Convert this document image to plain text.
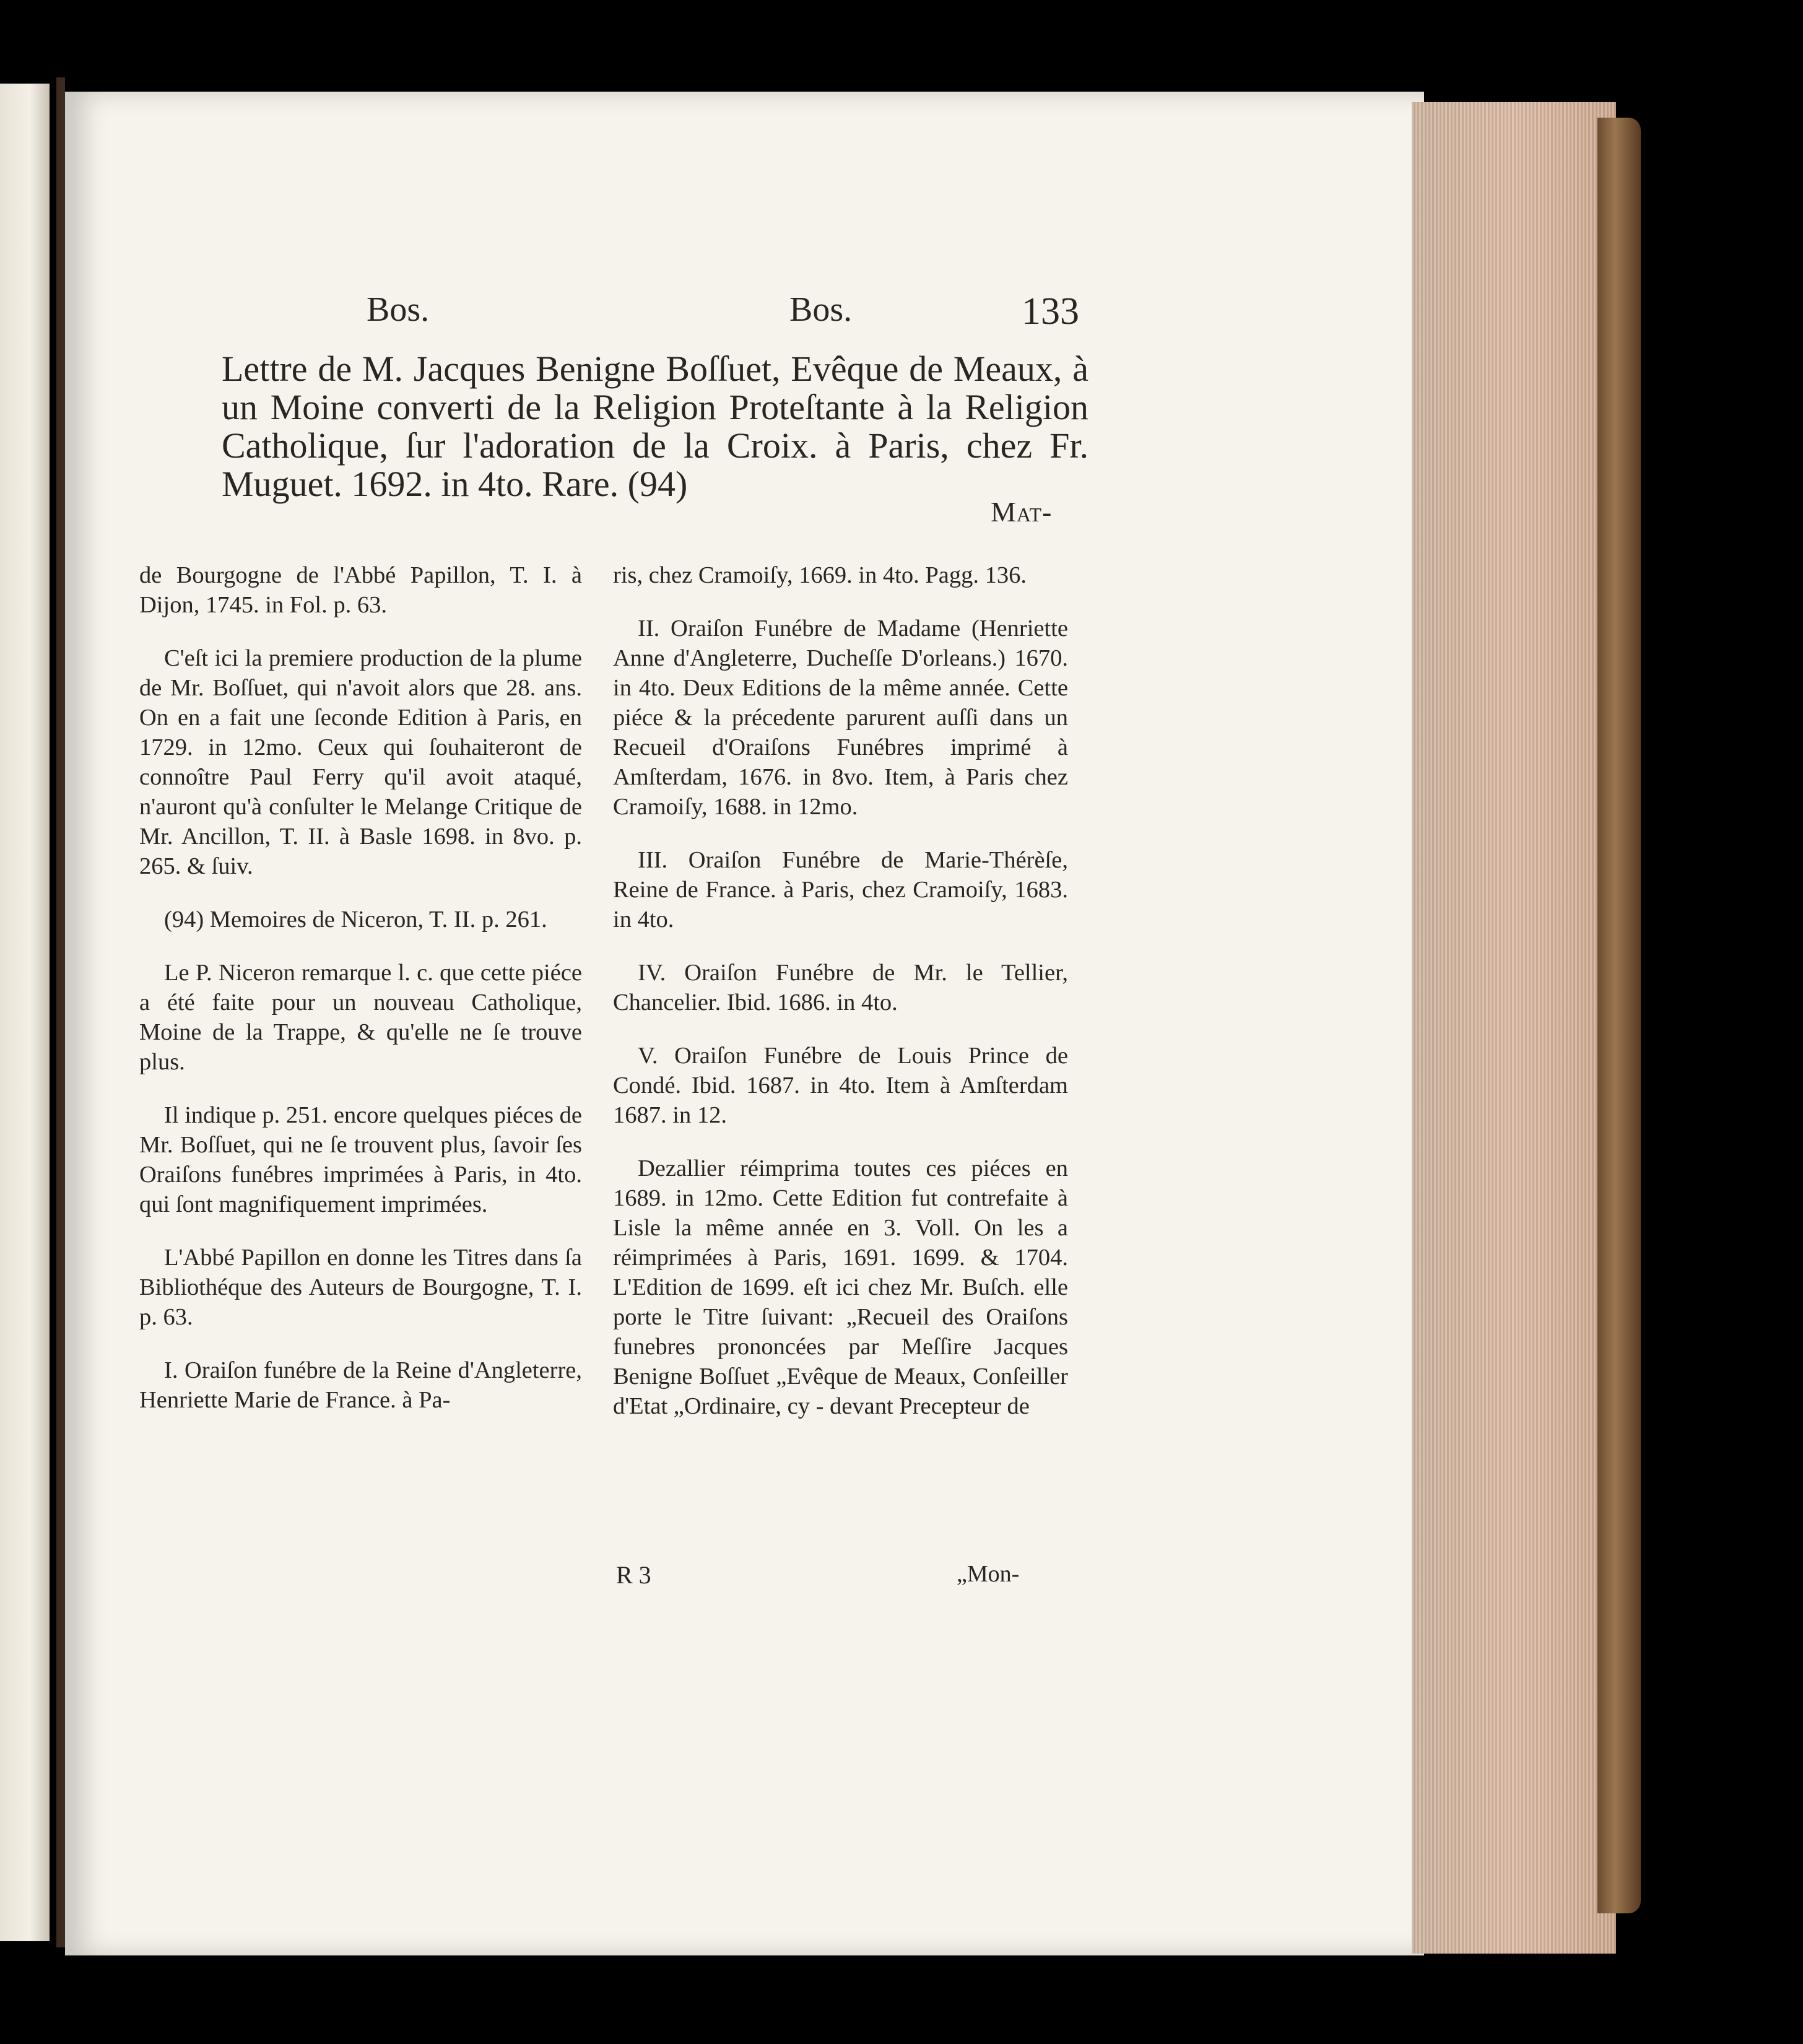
Bos.	Bos.	133
Lettre de M. Jacques Benigne Boſſuet, Evêque de Meaux, à un Moine converti de la Religion Proteſtante à la Religion Catholique, ſur l'adoration de la Croix. à Paris, chez Fr. Muguet. 1692. in 4to. Rare. (94)
Mat-

de Bourgogne de l'Abbé Papillon, T. I. à Dijon, 1745. in Fol. p. 63.

C'eſt ici la premiere production de la plume de Mr. Boſſuet, qui n'avoit alors que 28. ans. On en a fait une ſeconde Edition à Paris, en 1729. in 12mo. Ceux qui ſouhaiteront de connoître Paul Ferry qu'il avoit ataqué, n'auront qu'à conſulter le Melange Critique de Mr. Ancillon, T. II. à Basle 1698. in 8vo. p. 265. & ſuiv.

(94) Memoires de Niceron, T. II. p. 261.

Le P. Niceron remarque l. c. que cette piéce a été faite pour un nouveau Catholique, Moine de la Trappe, & qu'elle ne ſe trouve plus.

Il indique p. 251. encore quelques piéces de Mr. Boſſuet, qui ne ſe trouvent plus, ſavoir ſes Oraiſons funébres imprimées à Paris, in 4to. qui ſont magnifiquement imprimées.

L'Abbé Papillon en donne les Titres dans ſa Bibliothéque des Auteurs de Bourgogne, T. I. p. 63.

I. Oraiſon funébre de la Reine d'Angleterre, Henriette Marie de France. à Pa-

ris, chez Cramoiſy, 1669. in 4to. Pagg. 136.

II. Oraiſon Funébre de Madame (Henriette Anne d'Angleterre, Ducheſſe D'orleans.) 1670. in 4to. Deux Editions de la même année. Cette piéce & la précedente parurent auſſi dans un Recueil d'Oraiſons Funébres imprimé à Amſterdam, 1676. in 8vo. Item, à Paris chez Cramoiſy, 1688. in 12mo.

III. Oraiſon Funébre de Marie-Thérèſe, Reine de France. à Paris, chez Cramoiſy, 1683. in 4to.

IV. Oraiſon Funébre de Mr. le Tellier, Chancelier. Ibid. 1686. in 4to.

V. Oraiſon Funébre de Louis Prince de Condé. Ibid. 1687. in 4to. Item à Amſterdam 1687. in 12.

Dezallier réimprima toutes ces piéces en 1689. in 12mo. Cette Edition fut contrefaite à Lisle la même année en 3. Voll. On les a réimprimées à Paris, 1691. 1699. & 1704. L'Edition de 1699. eſt ici chez Mr. Buſch. elle porte le Titre ſuivant: „Recueil des Oraiſons funebres prononcées par Meſſire Jacques Benigne Boſſuet „Evêque de Meaux, Conſeiller d'Etat „Ordinaire, cy - devant Precepteur de

R 3	„Mon-
